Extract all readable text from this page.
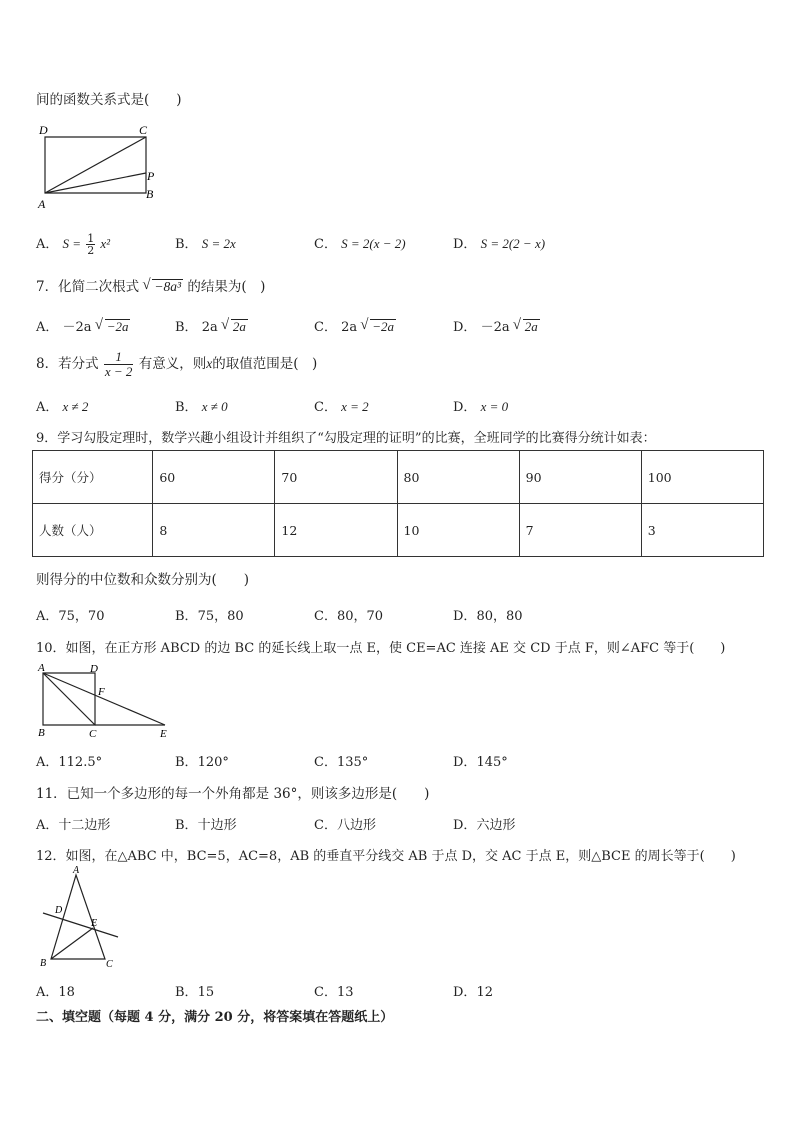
间的函数关系式是(　　)
D	C
P
A
B
A． $S = \frac{1}{2} x^2$	B． S = 2x	C． S = 2(x − 2)	D． S = 2(2 − x)
7．化简二次根式 √ −8a³ 的结果为(　)
A． －2a √ −2a	B． 2a √ 2a	C． 2a √ −2a	D． －2a √ 2a
8．若分式 $\frac{1}{x - 2}$ 有意义，则x的取值范围是(　)
A． x ≠ 2	B． x ≠ 0	C． x = 2	D． x = 0
9．学习勾股定理时，数学兴趣小组设计并组织了“勾股定理的证明”的比赛，全班同学的比赛得分统计如表：
得分（分）	60	70	80	90	100
人数（人）	8	12	10	7	3
则得分的中位数和众数分别为(　　)
A．75，70	B．75，80	C．80，70	D．80，80
10．如图，在正方形 ABCD 的边 BC 的延长线上取一点 E，使 CE=AC 连接 AE 交 CD 于点 F，则∠AFC 等于(　　)
A	D
F
B	C	E
A．112.5°	B．120°	C．135°	D．145°
11．已知一个多边形的每一个外角都是 36°，则该多边形是(　　)
A．十二边形	B．十边形	C．八边形	D．六边形
12．如图，在△ABC 中，BC=5，AC=8，AB 的垂直平分线交 AB 于点 D，交 AC 于点 E，则△BCE 的周长等于(　　)
A
D
E
B	C
A．18	B．15	C．13	D．12
二、填空题（每题 4 分，满分 20 分，将答案填在答题纸上）
